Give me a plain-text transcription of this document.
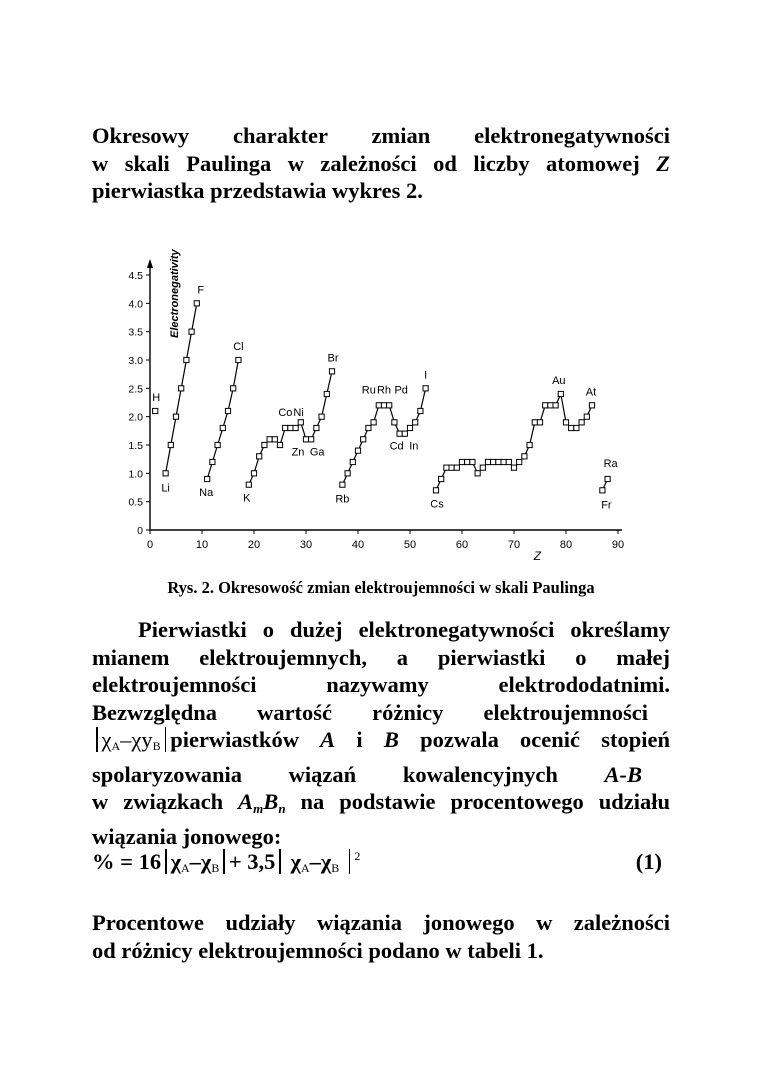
Okresowy charakter zmian elektronegatywności
w skali Paulinga w zależności od liczby atomowej Z
pierwiastka przedstawia wykres 2.
0	10	20	30	40	50	60	70	80	90
0
0.5
1.0
1.5
2.0
2.5
3.0
3.5
4.0
4.5
Z
Electronegativity
H
Li
F
Na
Cl
K
Co Ni
Zn Ga
Br
Rb
Ru Rh Pd
Cd In
I
Cs
Au
At
Ra
Fr
Rys. 2. Okresowość zmian elektroujemności w skali Paulinga
Pierwiastki o dużej elektronegatywności określamy
mianem elektroujemnych, a pierwiastki o małej
elektroujemności nazywamy elektrododatnimi.
Bezwzględna wartość różnicy elektroujemności
$\chi_A-\chi y_B$ pierwiastków A i B pozwala ocenić stopień
spolaryzowania wiązań kowalencyjnych A-B
w związkach AmBn na podstawie procentowego udziału
wiązania jonowego:
% = 16 $\chi_A-\chi_B + 3,5$ $\chi_A-\chi_B$ $^2$	(1)
Procentowe udziały wiązania jonowego w zależności
od różnicy elektroujemności podano w tabeli 1.
